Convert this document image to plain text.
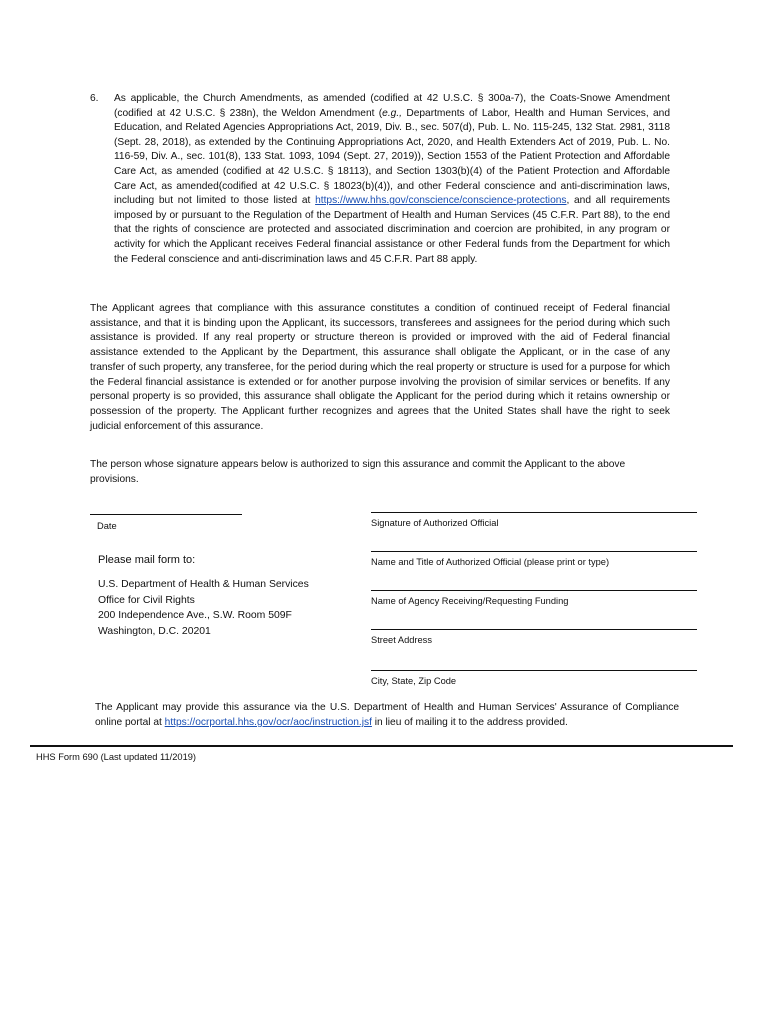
6. As applicable, the Church Amendments, as amended (codified at 42 U.S.C. § 300a-7), the Coats-Snowe Amendment (codified at 42 U.S.C. § 238n), the Weldon Amendment (e.g., Departments of Labor, Health and Human Services, and Education, and Related Agencies Appropriations Act, 2019, Div. B., sec. 507(d), Pub. L. No. 115-245, 132 Stat. 2981, 3118 (Sept. 28, 2018), as extended by the Continuing Appropriations Act, 2020, and Health Extenders Act of 2019, Pub. L. No. 116-59, Div. A., sec. 101(8), 133 Stat. 1093, 1094 (Sept. 27, 2019)), Section 1553 of the Patient Protection and Affordable Care Act, as amended (codified at 42 U.S.C. § 18113), and Section 1303(b)(4) of the Patient Protection and Affordable Care Act, as amended(codified at 42 U.S.C. § 18023(b)(4)), and other Federal conscience and anti-discrimination laws, including but not limited to those listed at https://www.hhs.gov/conscience/conscience-protections, and all requirements imposed by or pursuant to the Regulation of the Department of Health and Human Services (45 C.F.R. Part 88), to the end that the rights of conscience are protected and associated discrimination and coercion are prohibited, in any program or activity for which the Applicant receives Federal financial assistance or other Federal funds from the Department for which the Federal conscience and anti-discrimination laws and 45 C.F.R. Part 88 apply.
The Applicant agrees that compliance with this assurance constitutes a condition of continued receipt of Federal financial assistance, and that it is binding upon the Applicant, its successors, transferees and assignees for the period during which such assistance is provided. If any real property or structure thereon is provided or improved with the aid of Federal financial assistance extended to the Applicant by the Department, this assurance shall obligate the Applicant, or in the case of any transfer of such property, any transferee, for the period during which the real property or structure is used for a purpose for which the Federal financial assistance is extended or for another purpose involving the provision of similar services or benefits. If any personal property is so provided, this assurance shall obligate the Applicant for the period during which it retains ownership or possession of the property. The Applicant further recognizes and agrees that the United States shall have the right to seek judicial enforcement of this assurance.
The person whose signature appears below is authorized to sign this assurance and commit the Applicant to the above provisions.
Date	Signature of Authorized Official
Name and Title of Authorized Official (please print or type)
Name of Agency Receiving/Requesting Funding
Street Address
City, State, Zip Code
Please mail form to:
U.S. Department of Health & Human Services
Office for Civil Rights
200 Independence Ave., S.W. Room 509F
Washington, D.C. 20201
The Applicant may provide this assurance via the U.S. Department of Health and Human Services' Assurance of Compliance online portal at https://ocrportal.hhs.gov/ocr/aoc/instruction.jsf in lieu of mailing it to the address provided.
HHS Form 690 (Last updated 11/2019)
